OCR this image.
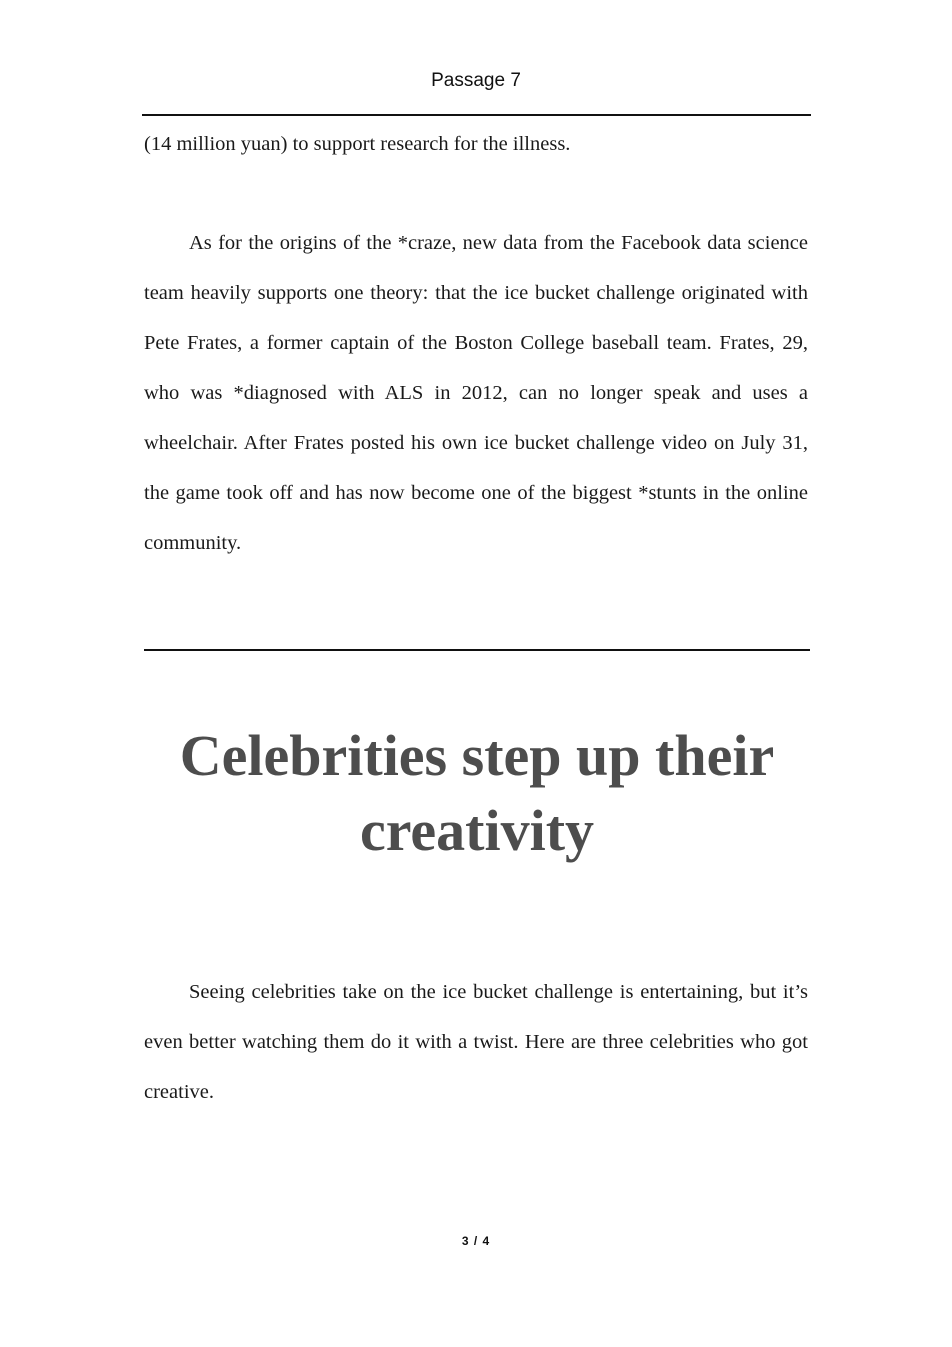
Passage 7

(14 million yuan) to support research for the illness.

As for the origins of the *craze, new data from the Facebook data science team heavily supports one theory: that the ice bucket challenge originated with Pete Frates, a former captain of the Boston College baseball team. Frates, 29, who was *diagnosed with ALS in 2012, can no longer speak and uses a wheelchair. After Frates posted his own ice bucket challenge video on July 31, the game took off and has now become one of the biggest *stunts in the online community.

Celebrities step up their creativity

Seeing celebrities take on the ice bucket challenge is entertaining, but it’s even better watching them do it with a twist. Here are three celebrities who got creative.

3 / 4
